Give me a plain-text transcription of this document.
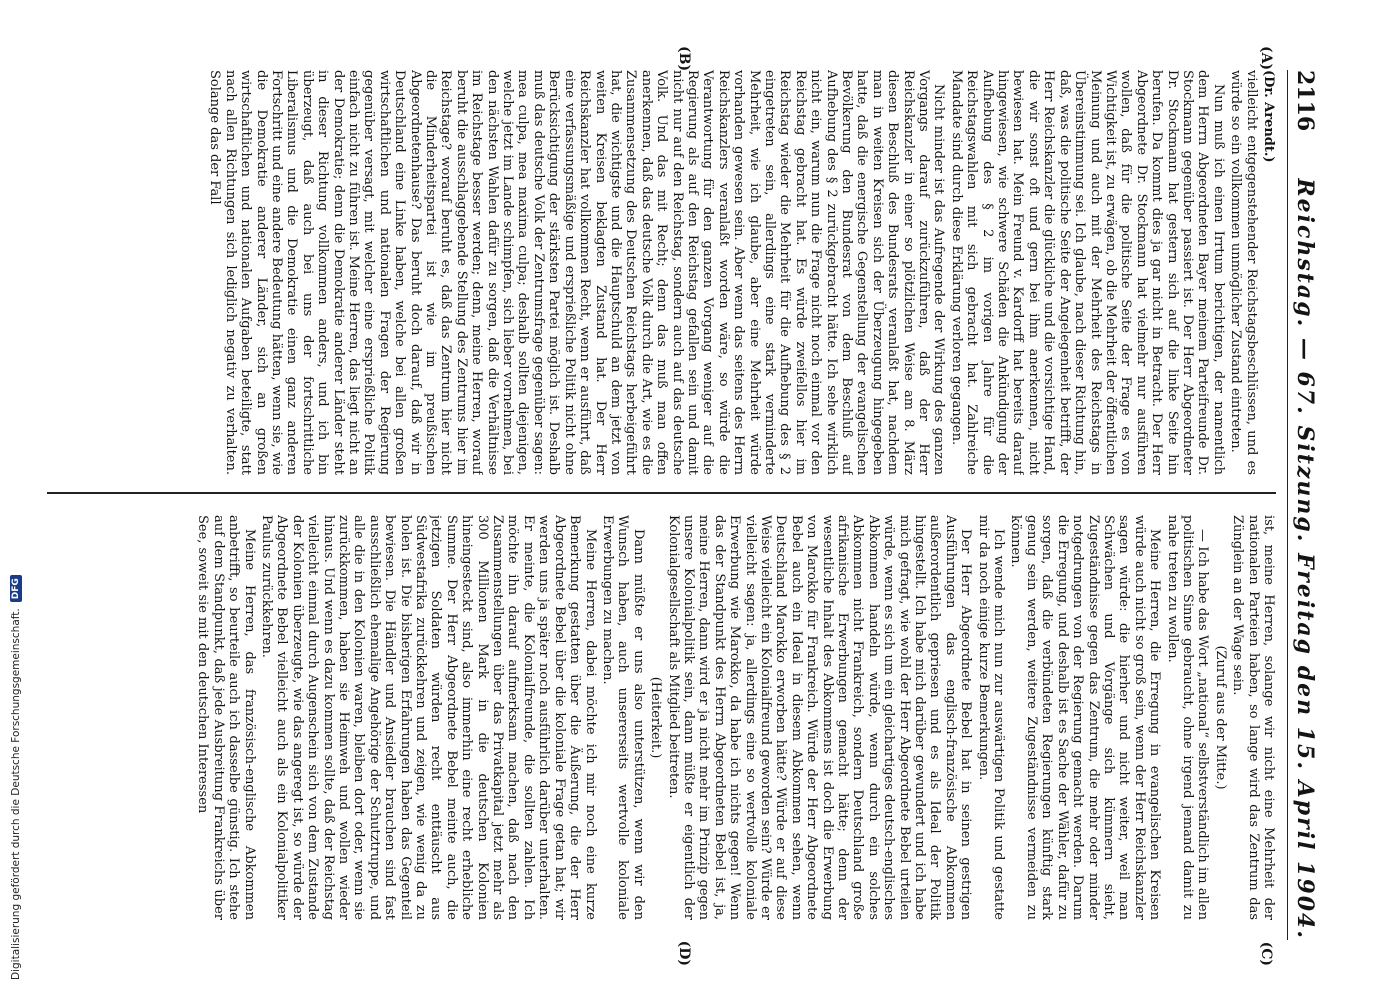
2116
Reichstag. — 67. Sitzung. Freitag den 15. April 1904.
(A)
(B)
(C)
(D)

(Dr. Arendt.)

vielleicht entgegenstehender Reichstagsbeschlüssen, und es würde so ein vollkommen unmöglicher Zustand eintreten.

Nun muß ich einen Irrtum berichtigen, der namentlich dem Herrn Abgeordneten Bayer meinem Parteifreunde Dr. Stockmann gegenüber passiert ist. Der Herr Abgeordneter Dr. Stockmann hat gestern sich auf die linke Seite hin berufen. Da kommt dies ja gar nicht in Betracht. Der Herr Abgeordnete Dr. Stockmann hat vielmehr nur ausführen wollen, daß für die politische Seite der Frage es von Wichtigkeit ist, zu erwägen, ob die Mehrheit der öffentlichen Meinung und auch mit der Mehrheit des Reichstags in Übereinstimmung sei. Ich glaube, nach dieser Richtung hin, daß, was die politische Seite der Angelegenheit betrifft, der Herr Reichskanzler die glückliche und die vorsichtige Hand, die wir sonst oft und gern bei ihm anerkennen, nicht bewiesen hat. Mein Freund v. Kardorff hat bereits darauf hingewiesen, wie schwere Schäden die Ankündigung der Aufhebung des § 2 im vorigen Jahre für die Reichstagswahlen mit sich gebracht hat. Zahlreiche Mandate sind durch diese Erklärung verloren gegangen.

Nicht minder ist das Aufregende der Wirkung des ganzen Vorgangs darauf zurückzuführen, daß der Herr Reichskanzler in einer so plötzlichen Weise am 8. März diesen Beschluß des Bundesrats veranlaßt hat, nachdem man in weiten Kreisen sich der Überzeugung hingegeben hatte, daß die energische Gegenstellung der evangelischen Bevölkerung den Bundesrat von dem Beschluß auf Aufhebung des § 2 zurückgebracht hätte. Ich sehe wirklich nicht ein, warum nun die Frage nicht noch einmal vor den Reichstag gebracht hat. Es würde zweifellos hier im Reichstag wieder die Mehrheit für die Aufhebung des § 2 eingetreten sein, allerdings eine stark verminderte Mehrheit, wie ich glaube, aber eine Mehrheit würde vorhanden gewesen sein. Aber wenn das seitens des Herrn Reichskanzlers veranlaßt worden wäre, so würde die Verantwortung für den ganzen Vorgang weniger auf die Regierung als auf den Reichstag gefallen sein und damit nicht nur auf den Reichstag, sondern auch auf das deutsche Volk. Und das mit Recht; denn das muß man offen anerkennen, daß das deutsche Volk durch die Art, wie es die Zusammensetzung des Deutschen Reichstags herbeigeführt hat, die wichtigste und die Hauptschuld an dem jetzt von weiten Kreisen beklagten Zustand hat. Der Herr Reichskanzler hat vollkommen Recht, wenn er ausführt, daß eine verfassungsmäßige und ersprießliche Politik nicht ohne Berücksichtigung der stärksten Partei möglich ist. Deshalb muß das deutsche Volk der Zentrumsfrage gegenüber sagen: mea culpa, mea maxima culpa; deshalb sollten diejenigen, welche jetzt im Lande schimpfen, sich lieber vornehmen, bei den nächsten Wahlen dafür zu sorgen, daß die Verhältnisse im Reichstage besser werden; denn, meine Herren, worauf beruht die ausschlaggebende Stellung des Zentrums hier im Reichstage? worauf beruht es, daß das Zentrum hier nicht die Minderheitspartei ist wie im preußischen Abgeordnetenhause? Das beruht doch darauf, daß wir in Deutschland eine Linke haben, welche bei allen großen wirtschaftlichen und nationalen Fragen der Regierung gegenüber versagt, mit welcher eine ersprießliche Politik einfach nicht zu führen ist. Meine Herren, das liegt nicht an der Demokratie; denn die Demokratie anderer Länder steht in dieser Richtung vollkommen anders, und ich bin überzeugt, daß auch bei uns der fortschrittliche Liberalismus und die Demokratie einen ganz anderen Fortschritt und eine andere Bedeutung hätten, wenn sie, wie die Demokratie anderer Länder, sich an großen wirtschaftlichen und nationalen Aufgaben beteiligte, statt nach allen Richtungen sich lediglich negativ zu verhalten. Solange das der Fall

ist, meine Herren, solange wir nicht eine Mehrheit der nationalen Parteien haben, so lange wird das Zentrum das Zünglein an der Wage sein.

(Zuruf aus der Mitte.)

— Ich habe das Wort „national“ selbstverständlich im allen politischen Sinne gebraucht, ohne irgend jemand damit zu nahe treten zu wollen.

Meine Herren, die Erregung in evangelischen Kreisen würde auch nicht so groß sein, wenn der Herr Reichskanzler sagen würde: die hierher und nicht weiter, weil man Schwächen und Vorgänge sich kümmern sieht, Zugeständnisse gegen das Zentrum, die mehr oder minder notgedrungen von der Regierung gemacht werden. Darum die Erregung, und deshalb ist es Sache der Wähler, dafür zu sorgen, daß die verbündeten Regierungen künftig stark genug sein werden, weitere Zugeständnisse vermeiden zu können.

Ich wende mich nun zur auswärtigen Politik und gestatte mir da noch einige kurze Bemerkungen.

Der Herr Abgeordnete Bebel hat in seinen gestrigen Ausführungen das englisch-französische Abkommen außerordentlich gepriesen und es als Ideal der Politik hingestellt. Ich habe mich darüber gewundert und ich habe mich gefragt, wie wohl der Herr Abgeordnete Bebel urteilen würde, wenn es sich um ein gleichartiges deutsch-englisches Abkommen handeln würde, wenn durch ein solches Abkommen nicht Frankreich, sondern Deutschland große afrikanische Erwerbungen gemacht hätte; denn der wesentliche Inhalt des Abkommens ist doch die Erwerbung von Marokko für Frankreich. Würde der Herr Abgeordnete Bebel auch ein Ideal in diesem Abkommen sehen, wenn Deutschland Marokko erworben hätte? Würde er auf diese Weise vielleicht ein Kolonialfreund geworden sein? Würde er vielleicht sagen: ja, allerdings eine so wertvolle koloniale Erwerbung wie Marokko, da habe ich nichts gegen! Wenn das der Standpunkt des Herrn Abgeordneten Bebel ist, ja, meine Herren, dann wird er ja nicht mehr im Prinzip gegen unsere Kolonialpolitik sein, dann müßte er eigentlich der Kolonialgesellschaft als Mitglied beitreten.

(Heiterkeit.)

Dann müßte er uns also unterstützen, wenn wir den Wunsch haben, auch unsererseits wertvolle koloniale Erwerbungen zu machen.

Meine Herren, dabei möchte ich mir noch eine kurze Bemerkung gestatten über die Äußerung, die der Herr Abgeordnete Bebel über die koloniale Frage getan hat; wir werden uns ja später noch ausführlich darüber unterhalten. Er meinte, die Kolonialfreunde, die sollten zahlen. Ich möchte ihn darauf aufmerksam machen, daß nach den Zusammenstellungen über das Privatkapital jetzt mehr als 300 Millionen Mark in die deutschen Kolonien hineingesteckt sind, also immerhin eine recht erhebliche Summe. Der Herr Abgeordnete Bebel meinte auch, die jetzigen Soldaten würden recht enttäuscht aus Südwestafrika zurückkehren und zeigen, wie wenig da zu holen ist. Die bisherigen Erfahrungen haben das Gegenteil bewiesen. Die Händler und Ansiedler brauchen sind fast ausschließlich ehemalige Angehörige der Schutztruppe, und alle die in den Kolonien waren, bleiben dort oder, wenn sie zurückkommen, haben sie Heimweh und wollen wieder hinaus. Und wenn es dazu kommen sollte, daß der Reichstag vielleicht einmal durch Augenschein sich von dem Zustande der Kolonien überzeugte, wie das angeregt ist, so würde der Abgeordnete Bebel vielleicht auch als ein Kolonialpolitiker Paulus zurückkehren.

Meine Herren, das französisch-englische Abkommen anbetrifft, so beurteile auch ich dasselbe günstig. Ich stehe auf dem Standpunkt, daß jede Ausbreitung Frankreichs über See, soweit sie mit den deutschen Interessen

Digitalisierung gefördert durch die Deutsche Forschungsgemeinschaft.
DFG
